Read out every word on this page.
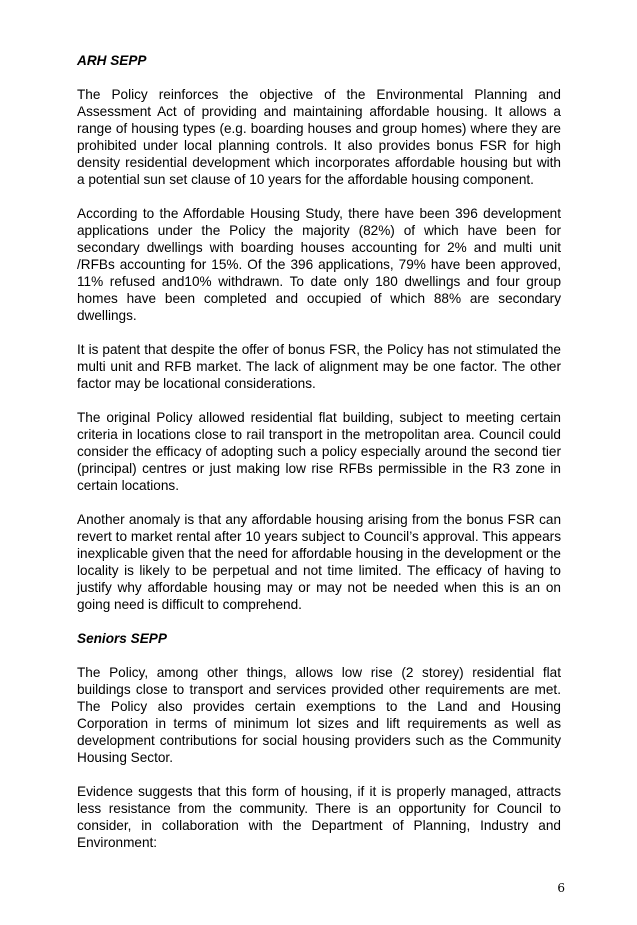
ARH SEPP

The Policy reinforces the objective of the Environmental Planning and Assessment Act of providing and maintaining affordable housing. It allows a range of housing types (e.g. boarding houses and group homes) where they are prohibited under local planning controls. It also provides bonus FSR for high density residential development which incorporates affordable housing but with a potential sun set clause of 10 years for the affordable housing component.

According to the Affordable Housing Study, there have been 396 development applications under the Policy the majority (82%) of which have been for secondary dwellings with boarding houses accounting for 2% and multi unit /RFBs accounting for 15%. Of the 396 applications, 79% have been approved, 11% refused and10% withdrawn. To date only 180 dwellings and four group homes have been completed and occupied of which 88% are secondary dwellings.

It is patent that despite the offer of bonus FSR, the Policy has not stimulated the multi unit and RFB market. The lack of alignment may be one factor. The other factor may be locational considerations.

The original Policy allowed residential flat building, subject to meeting certain criteria in locations close to rail transport in the metropolitan area. Council could consider the efficacy of adopting such a policy especially around the second tier (principal) centres or just making low rise RFBs permissible in the R3 zone in certain locations.

Another anomaly is that any affordable housing arising from the bonus FSR can revert to market rental after 10 years subject to Council’s approval. This appears inexplicable given that the need for affordable housing in the development or the locality is likely to be perpetual and not time limited. The efficacy of having to justify why affordable housing may or may not be needed when this is an on going need is difficult to comprehend.

Seniors SEPP

The Policy, among other things, allows low rise (2 storey) residential flat buildings close to transport and services provided other requirements are met. The Policy also provides certain exemptions to the Land and Housing Corporation in terms of minimum lot sizes and lift requirements as well as development contributions for social housing providers such as the Community Housing Sector.

Evidence suggests that this form of housing, if it is properly managed, attracts less resistance from the community. There is an opportunity for Council to consider, in collaboration with the Department of Planning, Industry and Environment:

6
